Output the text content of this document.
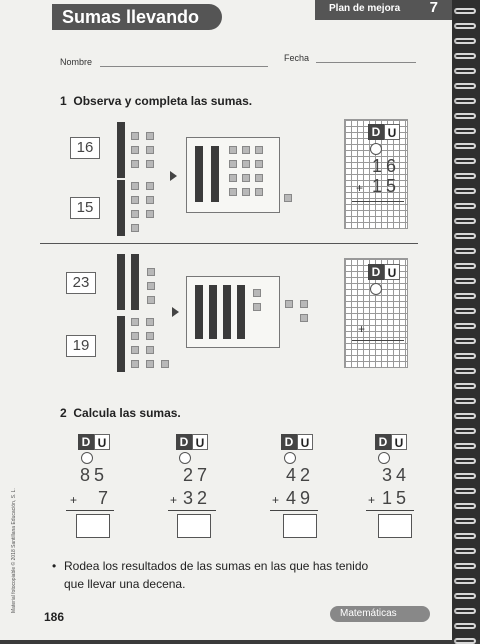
Sumas llevando	Plan de mejora 7
Nombre	Fecha
1 Observa y completa las sumas.
16
15
D U
16
+ 15
23
19
D U
+
2 Calcula las sumas.
D U
85
+ 7
D U
27
+ 32
D U
42
+ 49
D U
34
+ 15
• Rodea los resultados de las sumas en las que has tenido
que llevar una decena.
Material fotocopiable © 2018 Santillana Educación, S. L.
186	Matemáticas
